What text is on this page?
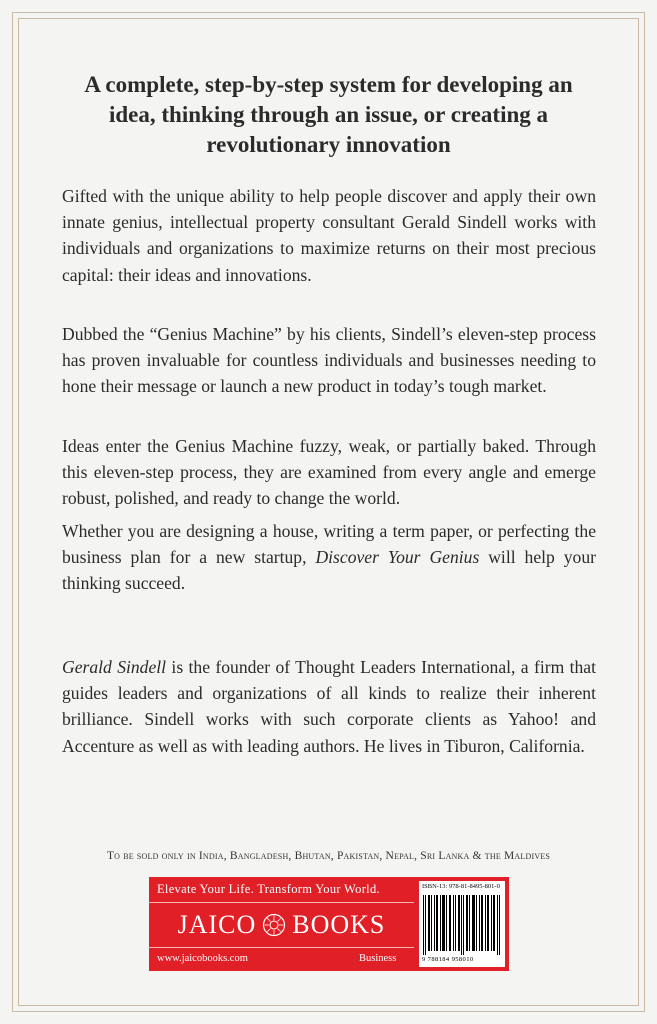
A complete, step-by-step system for developing an idea, thinking through an issue, or creating a revolutionary innovation

Gifted with the unique ability to help people discover and apply their own innate genius, intellectual property consultant Gerald Sindell works with individuals and organizations to maximize returns on their most precious capital: their ideas and innovations.

Dubbed the “Genius Machine” by his clients, Sindell’s eleven-step process has proven invaluable for countless individuals and businesses needing to hone their message or launch a new product in today’s tough market.

Ideas enter the Genius Machine fuzzy, weak, or partially baked. Through this eleven-step process, they are examined from every angle and emerge robust, polished, and ready to change the world.

Whether you are designing a house, writing a term paper, or perfecting the business plan for a new startup, Discover Your Genius will help your thinking succeed.

Gerald Sindell is the founder of Thought Leaders International, a firm that guides leaders and organizations of all kinds to realize their inherent brilliance. Sindell works with such corporate clients as Yahoo! and Accenture as well as with leading authors. He lives in Tiburon, California.

To be sold only in India, Bangladesh, Bhutan, Pakistan, Nepal, Sri Lanka & the Maldives

Elevate Your Life. Transform Your World.
JAICO BOOKS
www.jaicobooks.com	Business
ISBN-13: 978-81-8495-801-0
9 788184 958010
